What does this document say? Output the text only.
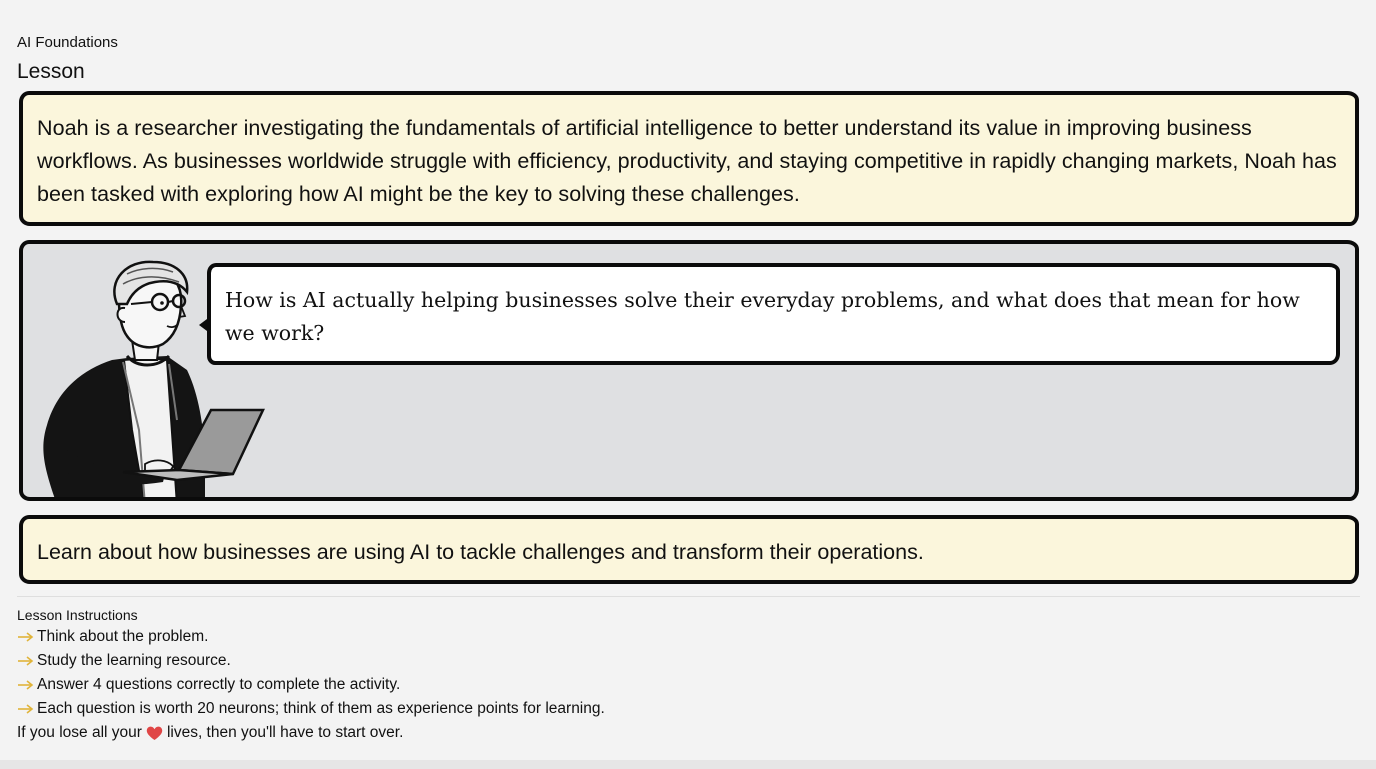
AI Foundations
Lesson
Noah is a researcher investigating the fundamentals of artificial intelligence to better understand its value in improving business workflows. As businesses worldwide struggle with efficiency, productivity, and staying competitive in rapidly changing markets, Noah has been tasked with exploring how AI might be the key to solving these challenges.
How is AI actually helping businesses solve their everyday problems, and what does that mean for how we work?
Learn about how businesses are using AI to tackle challenges and transform their operations.
Lesson Instructions
Think about the problem.
Study the learning resource.
Answer 4 questions correctly to complete the activity.
Each question is worth 20 neurons; think of them as experience points for learning.
If you lose all your lives, then you'll have to start over.
